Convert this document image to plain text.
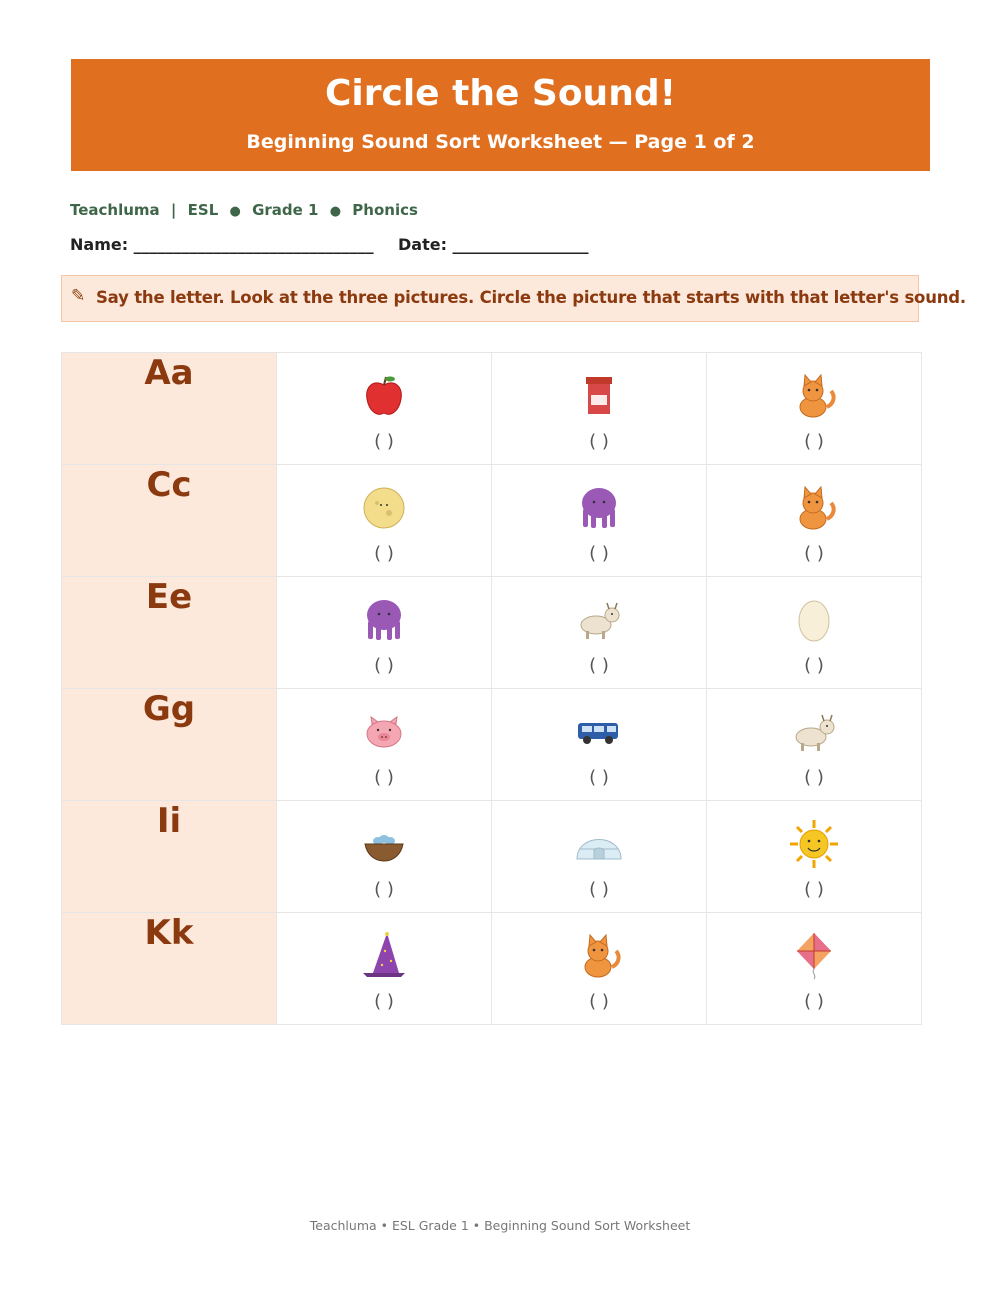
Circle the Sound!
Beginning Sound Sort Worksheet — Page 1 of 2
Teachluma | ESL ● Grade 1 ● Phonics
Name: ______________________________ Date: _________________
✎ Say the letter. Look at the three pictures. Circle the picture that starts with that letter's sound.
Aa	( )	( )	( )

Cc	( )	( )	( )

Ee	( )	( )	( )

Gg	( )	( )	( )

Ii	( )	( )	( )

Kk	( )	( )	( )
Teachluma • ESL Grade 1 • Beginning Sound Sort Worksheet
